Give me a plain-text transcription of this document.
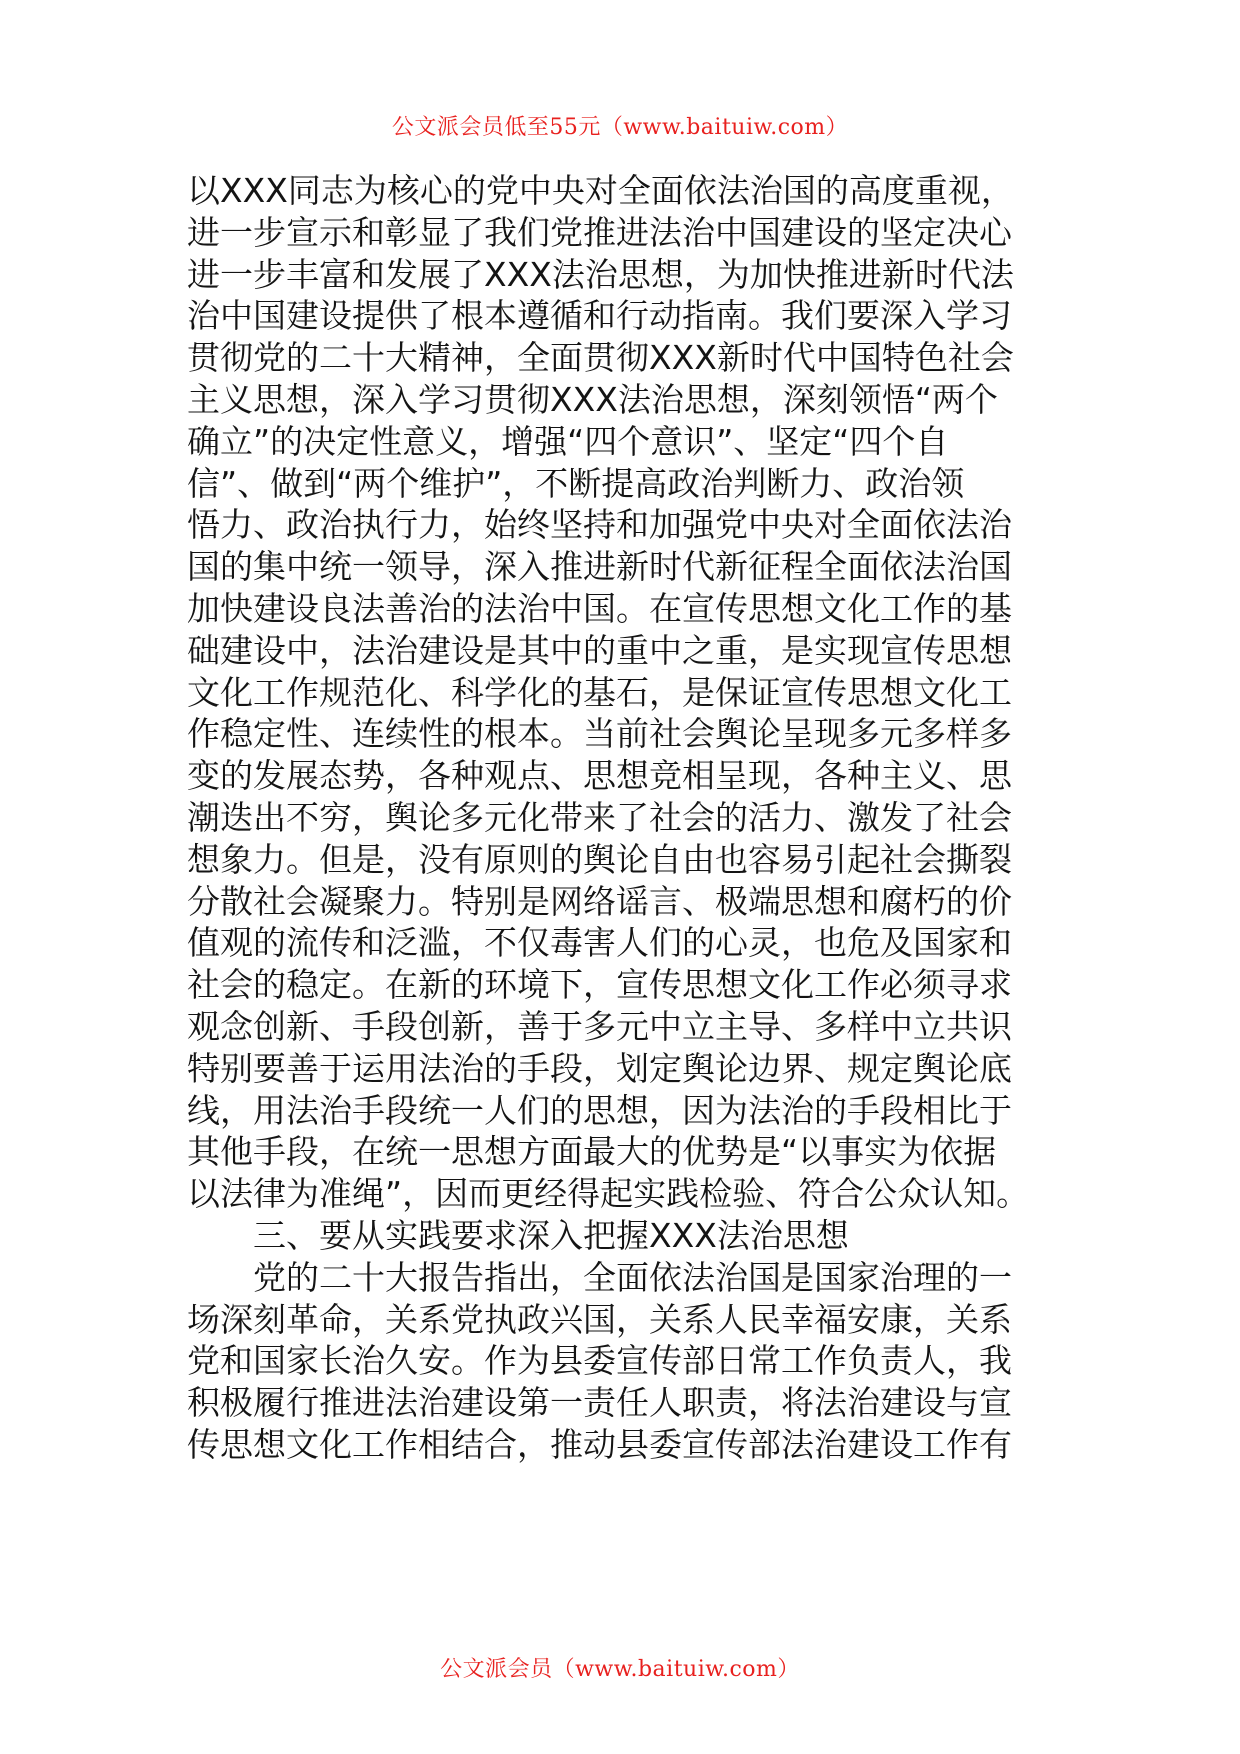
公文派会员低至55元（www.baituiw.com）
以XXX同志为核心的党中央对全面依法治国的高度重视，
进一步宣示和彰显了我们党推进法治中国建设的坚定决心
进一步丰富和发展了XXX法治思想，为加快推进新时代法
治中国建设提供了根本遵循和行动指南。我们要深入学习
贯彻党的二十大精神，全面贯彻XXX新时代中国特色社会
主义思想，深入学习贯彻XXX法治思想，深刻领悟“两个
确立”的决定性意义，增强“四个意识”、坚定“四个自
信”、做到“两个维护”，不断提高政治判断力、政治领
悟力、政治执行力，始终坚持和加强党中央对全面依法治
国的集中统一领导，深入推进新时代新征程全面依法治国
加快建设良法善治的法治中国。在宣传思想文化工作的基
础建设中，法治建设是其中的重中之重，是实现宣传思想
文化工作规范化、科学化的基石，是保证宣传思想文化工
作稳定性、连续性的根本。当前社会舆论呈现多元多样多
变的发展态势，各种观点、思想竞相呈现，各种主义、思
潮迭出不穷，舆论多元化带来了社会的活力、激发了社会
想象力。但是，没有原则的舆论自由也容易引起社会撕裂
分散社会凝聚力。特别是网络谣言、极端思想和腐朽的价
值观的流传和泛滥，不仅毒害人们的心灵，也危及国家和
社会的稳定。在新的环境下，宣传思想文化工作必须寻求
观念创新、手段创新，善于多元中立主导、多样中立共识
特别要善于运用法治的手段，划定舆论边界、规定舆论底
线，用法治手段统一人们的思想，因为法治的手段相比于
其他手段，在统一思想方面最大的优势是“以事实为依据
以法律为准绳”，因而更经得起实践检验、符合公众认知。
三、要从实践要求深入把握XXX法治思想
党的二十大报告指出，全面依法治国是国家治理的一
场深刻革命，关系党执政兴国，关系人民幸福安康，关系
党和国家长治久安。作为县委宣传部日常工作负责人，我
积极履行推进法治建设第一责任人职责，将法治建设与宣
传思想文化工作相结合，推动县委宣传部法治建设工作有
公文派会员（www.baituiw.com）
